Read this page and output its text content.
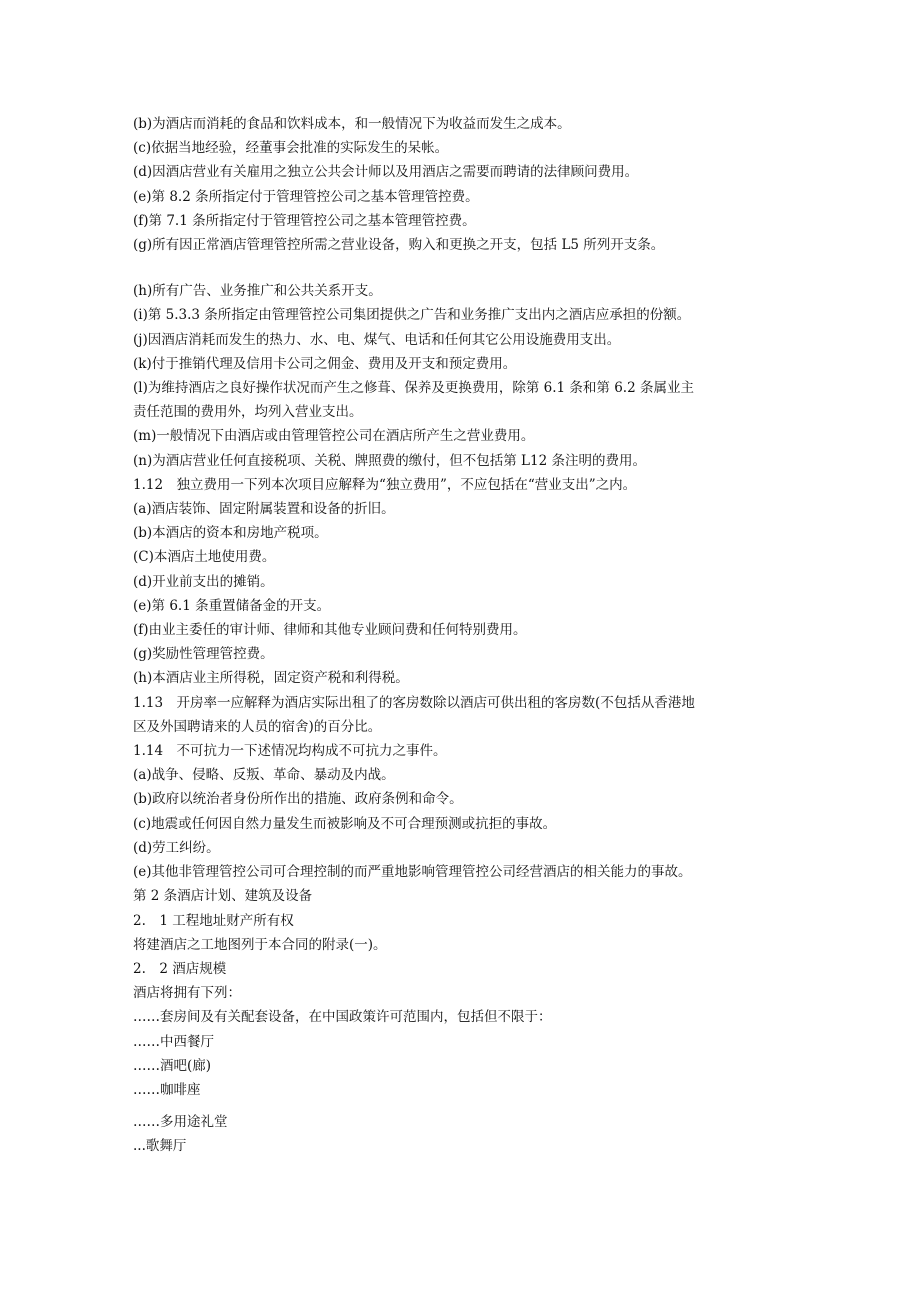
(b)为酒店而消耗的食品和饮料成本，和一般情况下为收益而发生之成本。

(c)依据当地经验，经董事会批准的实际发生的呆帐。

(d)因酒店营业有关雇用之独立公共会计师以及用酒店之需要而聘请的法律顾问费用。

(e)第 8.2 条所指定付于管理管控公司之基本管理管控费。

(f)第 7.1 条所指定付于管理管控公司之基本管理管控费。

(g)所有因正常酒店管理管控所需之营业设备，购入和更换之开支，包括 L5 所列开支条。

(h)所有广告、业务推广和公共关系开支。

(i)第 5.3.3 条所指定由管理管控公司集团提供之广告和业务推广支出内之酒店应承担的份额。

(j)因酒店消耗而发生的热力、水、电、煤气、电话和任何其它公用设施费用支出。

(k)付于推销代理及信用卡公司之佣金、费用及开支和预定费用。

(l)为维持酒店之良好操作状况而产生之修葺、保养及更换费用，除第 6.1 条和第 6.2 条属业主

责任范围的费用外，均列入营业支出。

(m)一般情况下由酒店或由管理管控公司在酒店所产生之营业费用。

(n)为酒店营业任何直接税项、关税、牌照费的缴付，但不包括第 L12 条注明的费用。

1.12　独立费用一下列本次项目应解释为“独立费用”，不应包括在“营业支出”之内。

(a)酒店装饰、固定附属装置和设备的折旧。

(b)本酒店的资本和房地产税项。

(C)本酒店土地使用费。

(d)开业前支出的摊销。

(e)第 6.1 条重置储备金的开支。

(f)由业主委任的审计师、律师和其他专业顾问费和任何特别费用。

(g)奖励性管理管控费。

(h)本酒店业主所得税，固定资产税和利得税。

1.13　开房率一应解释为酒店实际出租了的客房数除以酒店可供出租的客房数(不包括从香港地

区及外国聘请来的人员的宿舍)的百分比。

1.14　不可抗力一下述情况均构成不可抗力之事件。

(a)战争、侵略、反叛、革命、暴动及内战。

(b)政府以统治者身份所作出的措施、政府条例和命令。

(c)地震或任何因自然力量发生而被影响及不可合理预测或抗拒的事故。

(d)劳工纠纷。

(e)其他非管理管控公司可合理控制的而严重地影响管理管控公司经营酒店的相关能力的事故。

第 2 条酒店计划、建筑及设备

2.　1 工程地址财产所有权

将建酒店之工地图列于本合同的附录(一)。

2.　2 酒店规模

酒店将拥有下列：

……套房间及有关配套设备，在中国政策许可范围内，包括但不限于：

……中西餐厅

……酒吧(廊)

……咖啡座

……多用途礼堂

...歌舞厅
